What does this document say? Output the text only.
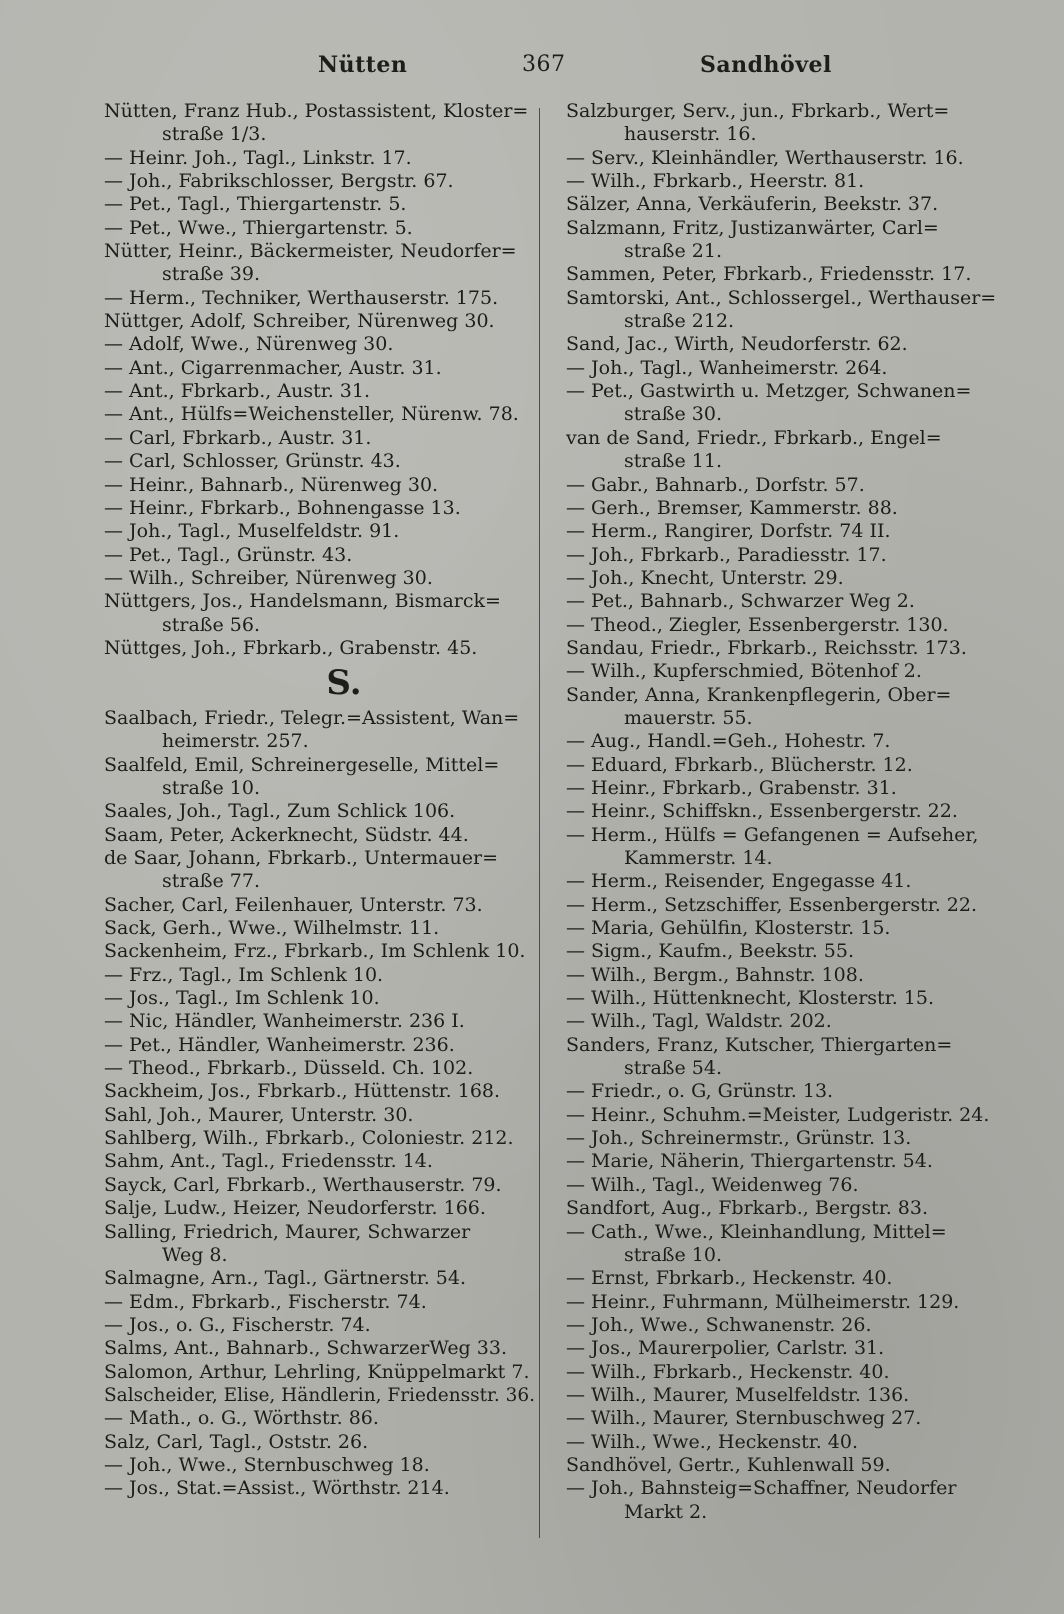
Nütten	367	Sandhövel
Nütten, Franz Hub., Postassistent, Kloster=
straße 1/3.
— Heinr. Joh., Tagl., Linkstr. 17.
— Joh., Fabrikschlosser, Bergstr. 67.
— Pet., Tagl., Thiergartenstr. 5.
— Pet., Wwe., Thiergartenstr. 5.
Nütter, Heinr., Bäckermeister, Neudorfer=
straße 39.
— Herm., Techniker, Werthauserstr. 175.
Nüttger, Adolf, Schreiber, Nürenweg 30.
— Adolf, Wwe., Nürenweg 30.
— Ant., Cigarrenmacher, Austr. 31.
— Ant., Fbrkarb., Austr. 31.
— Ant., Hülfs=Weichensteller, Nürenw. 78.
— Carl, Fbrkarb., Austr. 31.
— Carl, Schlosser, Grünstr. 43.
— Heinr., Bahnarb., Nürenweg 30.
— Heinr., Fbrkarb., Bohnengasse 13.
— Joh., Tagl., Muselfeldstr. 91.
— Pet., Tagl., Grünstr. 43.
— Wilh., Schreiber, Nürenweg 30.
Nüttgers, Jos., Handelsmann, Bismarck=
straße 56.
Nüttges, Joh., Fbrkarb., Grabenstr. 45.
S.
Saalbach, Friedr., Telegr.=Assistent, Wan=
heimerstr. 257.
Saalfeld, Emil, Schreinergeselle, Mittel=
straße 10.
Saales, Joh., Tagl., Zum Schlick 106.
Saam, Peter, Ackerknecht, Südstr. 44.
de Saar, Johann, Fbrkarb., Untermauer=
straße 77.
Sacher, Carl, Feilenhauer, Unterstr. 73.
Sack, Gerh., Wwe., Wilhelmstr. 11.
Sackenheim, Frz., Fbrkarb., Im Schlenk 10.
— Frz., Tagl., Im Schlenk 10.
— Jos., Tagl., Im Schlenk 10.
— Nic, Händler, Wanheimerstr. 236 I.
— Pet., Händler, Wanheimerstr. 236.
— Theod., Fbrkarb., Düsseld. Ch. 102.
Sackheim, Jos., Fbrkarb., Hüttenstr. 168.
Sahl, Joh., Maurer, Unterstr. 30.
Sahlberg, Wilh., Fbrkarb., Coloniestr. 212.
Sahm, Ant., Tagl., Friedensstr. 14.
Sayck, Carl, Fbrkarb., Werthauserstr. 79.
Salje, Ludw., Heizer, Neudorferstr. 166.
Salling, Friedrich, Maurer, Schwarzer
Weg 8.
Salmagne, Arn., Tagl., Gärtnerstr. 54.
— Edm., Fbrkarb., Fischerstr. 74.
— Jos., o. G., Fischerstr. 74.
Salms, Ant., Bahnarb., SchwarzerWeg 33.
Salomon, Arthur, Lehrling, Knüppelmarkt 7.
Salscheider, Elise, Händlerin, Friedensstr. 36.
— Math., o. G., Wörthstr. 86.
Salz, Carl, Tagl., Oststr. 26.
— Joh., Wwe., Sternbuschweg 18.
— Jos., Stat.=Assist., Wörthstr. 214.
Salzburger, Serv., jun., Fbrkarb., Wert=
hauserstr. 16.
— Serv., Kleinhändler, Werthauserstr. 16.
— Wilh., Fbrkarb., Heerstr. 81.
Sälzer, Anna, Verkäuferin, Beekstr. 37.
Salzmann, Fritz, Justizanwärter, Carl=
straße 21.
Sammen, Peter, Fbrkarb., Friedensstr. 17.
Samtorski, Ant., Schlossergel., Werthauser=
straße 212.
Sand, Jac., Wirth, Neudorferstr. 62.
— Joh., Tagl., Wanheimerstr. 264.
— Pet., Gastwirth u. Metzger, Schwanen=
straße 30.
van de Sand, Friedr., Fbrkarb., Engel=
straße 11.
— Gabr., Bahnarb., Dorfstr. 57.
— Gerh., Bremser, Kammerstr. 88.
— Herm., Rangirer, Dorfstr. 74 II.
— Joh., Fbrkarb., Paradiesstr. 17.
— Joh., Knecht, Unterstr. 29.
— Pet., Bahnarb., Schwarzer Weg 2.
— Theod., Ziegler, Essenbergerstr. 130.
Sandau, Friedr., Fbrkarb., Reichsstr. 173.
— Wilh., Kupferschmied, Bötenhof 2.
Sander, Anna, Krankenpflegerin, Ober=
mauerstr. 55.
— Aug., Handl.=Geh., Hohestr. 7.
— Eduard, Fbrkarb., Blücherstr. 12.
— Heinr., Fbrkarb., Grabenstr. 31.
— Heinr., Schiffskn., Essenbergerstr. 22.
— Herm., Hülfs = Gefangenen = Aufseher,
Kammerstr. 14.
— Herm., Reisender, Engegasse 41.
— Herm., Setzschiffer, Essenbergerstr. 22.
— Maria, Gehülfin, Klosterstr. 15.
— Sigm., Kaufm., Beekstr. 55.
— Wilh., Bergm., Bahnstr. 108.
— Wilh., Hüttenknecht, Klosterstr. 15.
— Wilh., Tagl, Waldstr. 202.
Sanders, Franz, Kutscher, Thiergarten=
straße 54.
— Friedr., o. G, Grünstr. 13.
— Heinr., Schuhm.=Meister, Ludgeristr. 24.
— Joh., Schreinermstr., Grünstr. 13.
— Marie, Näherin, Thiergartenstr. 54.
— Wilh., Tagl., Weidenweg 76.
Sandfort, Aug., Fbrkarb., Bergstr. 83.
— Cath., Wwe., Kleinhandlung, Mittel=
straße 10.
— Ernst, Fbrkarb., Heckenstr. 40.
— Heinr., Fuhrmann, Mülheimerstr. 129.
— Joh., Wwe., Schwanenstr. 26.
— Jos., Maurerpolier, Carlstr. 31.
— Wilh., Fbrkarb., Heckenstr. 40.
— Wilh., Maurer, Muselfeldstr. 136.
— Wilh., Maurer, Sternbuschweg 27.
— Wilh., Wwe., Heckenstr. 40.
Sandhövel, Gertr., Kuhlenwall 59.
— Joh., Bahnsteig=Schaffner, Neudorfer
Markt 2.
